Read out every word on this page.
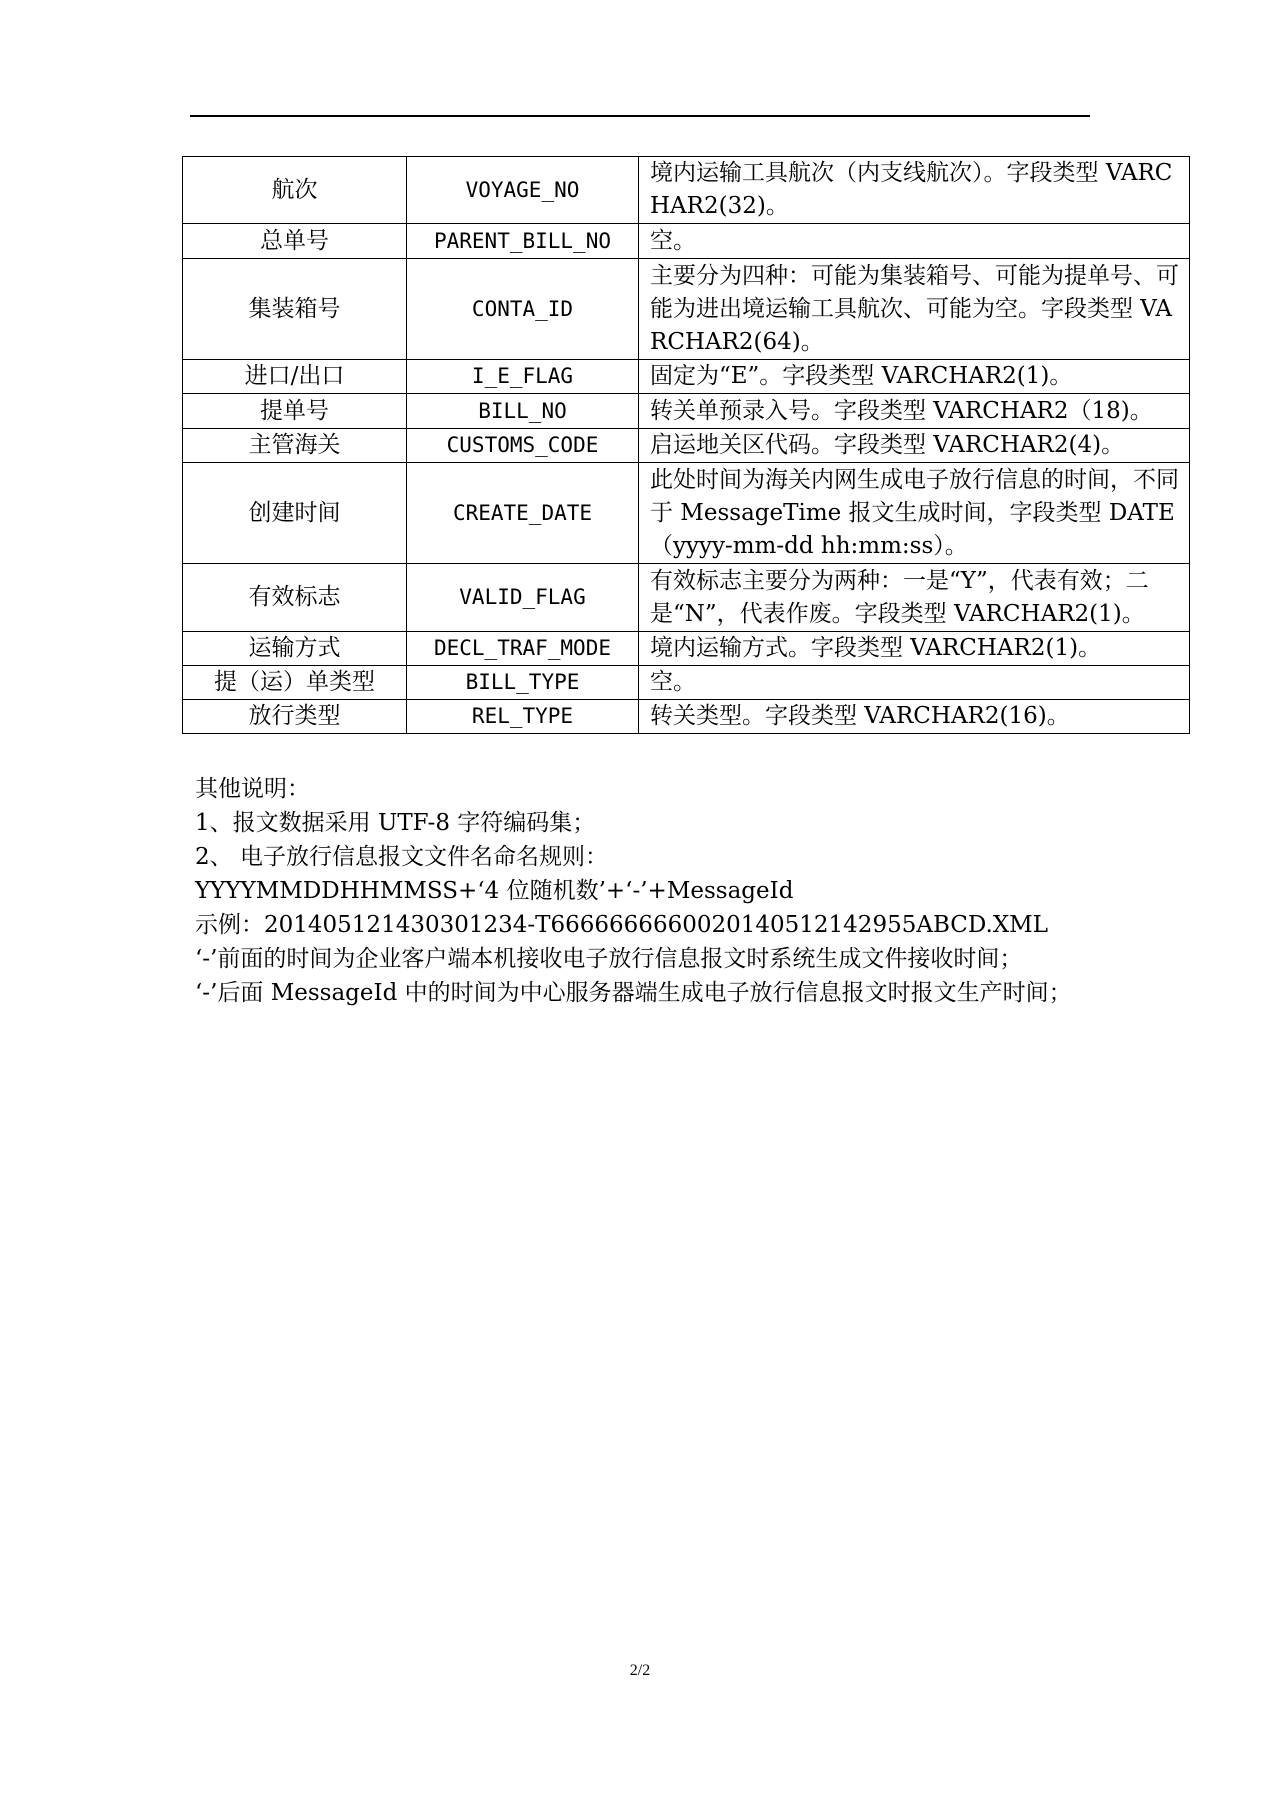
航次	VOYAGE_NO	境内运输工具航次（内支线航次）。字段类型 VARCHAR2(32)。
总单号	PARENT_BILL_NO	空。
集装箱号	CONTA_ID	主要分为四种：可能为集装箱号、可能为提单号、可能为进出境运输工具航次、可能为空。字段类型 VARCHAR2(64)。
进口/出口	I_E_FLAG	固定为“E”。字段类型 VARCHAR2(1)。
提单号	BILL_NO	转关单预录入号。字段类型 VARCHAR2（18)。
主管海关	CUSTOMS_CODE	启运地关区代码。字段类型 VARCHAR2(4)。
创建时间	CREATE_DATE	此处时间为海关内网生成电子放行信息的时间，不同于 MessageTime 报文生成时间，字段类型 DATE（yyyy-mm-dd hh:mm:ss）。
有效标志	VALID_FLAG	有效标志主要分为两种：一是“Y”，代表有效；二是“N”，代表作废。字段类型 VARCHAR2(1)。
运输方式	DECL_TRAF_MODE	境内运输方式。字段类型 VARCHAR2(1)。
提（运）单类型	BILL_TYPE	空。
放行类型	REL_TYPE	转关类型。字段类型 VARCHAR2(16)。
其他说明：
1、报文数据采用 UTF-8 字符编码集；
2、 电子放行信息报文文件名命名规则：
YYYYMMDDHHMMSS+‘4 位随机数’+‘-’+MessageId
示例：201405121430301234-T6666666660020140512142955ABCD.XML
‘-’前面的时间为企业客户端本机接收电子放行信息报文时系统生成文件接收时间；
‘-’后面 MessageId 中的时间为中心服务器端生成电子放行信息报文时报文生产时间；
2/2
